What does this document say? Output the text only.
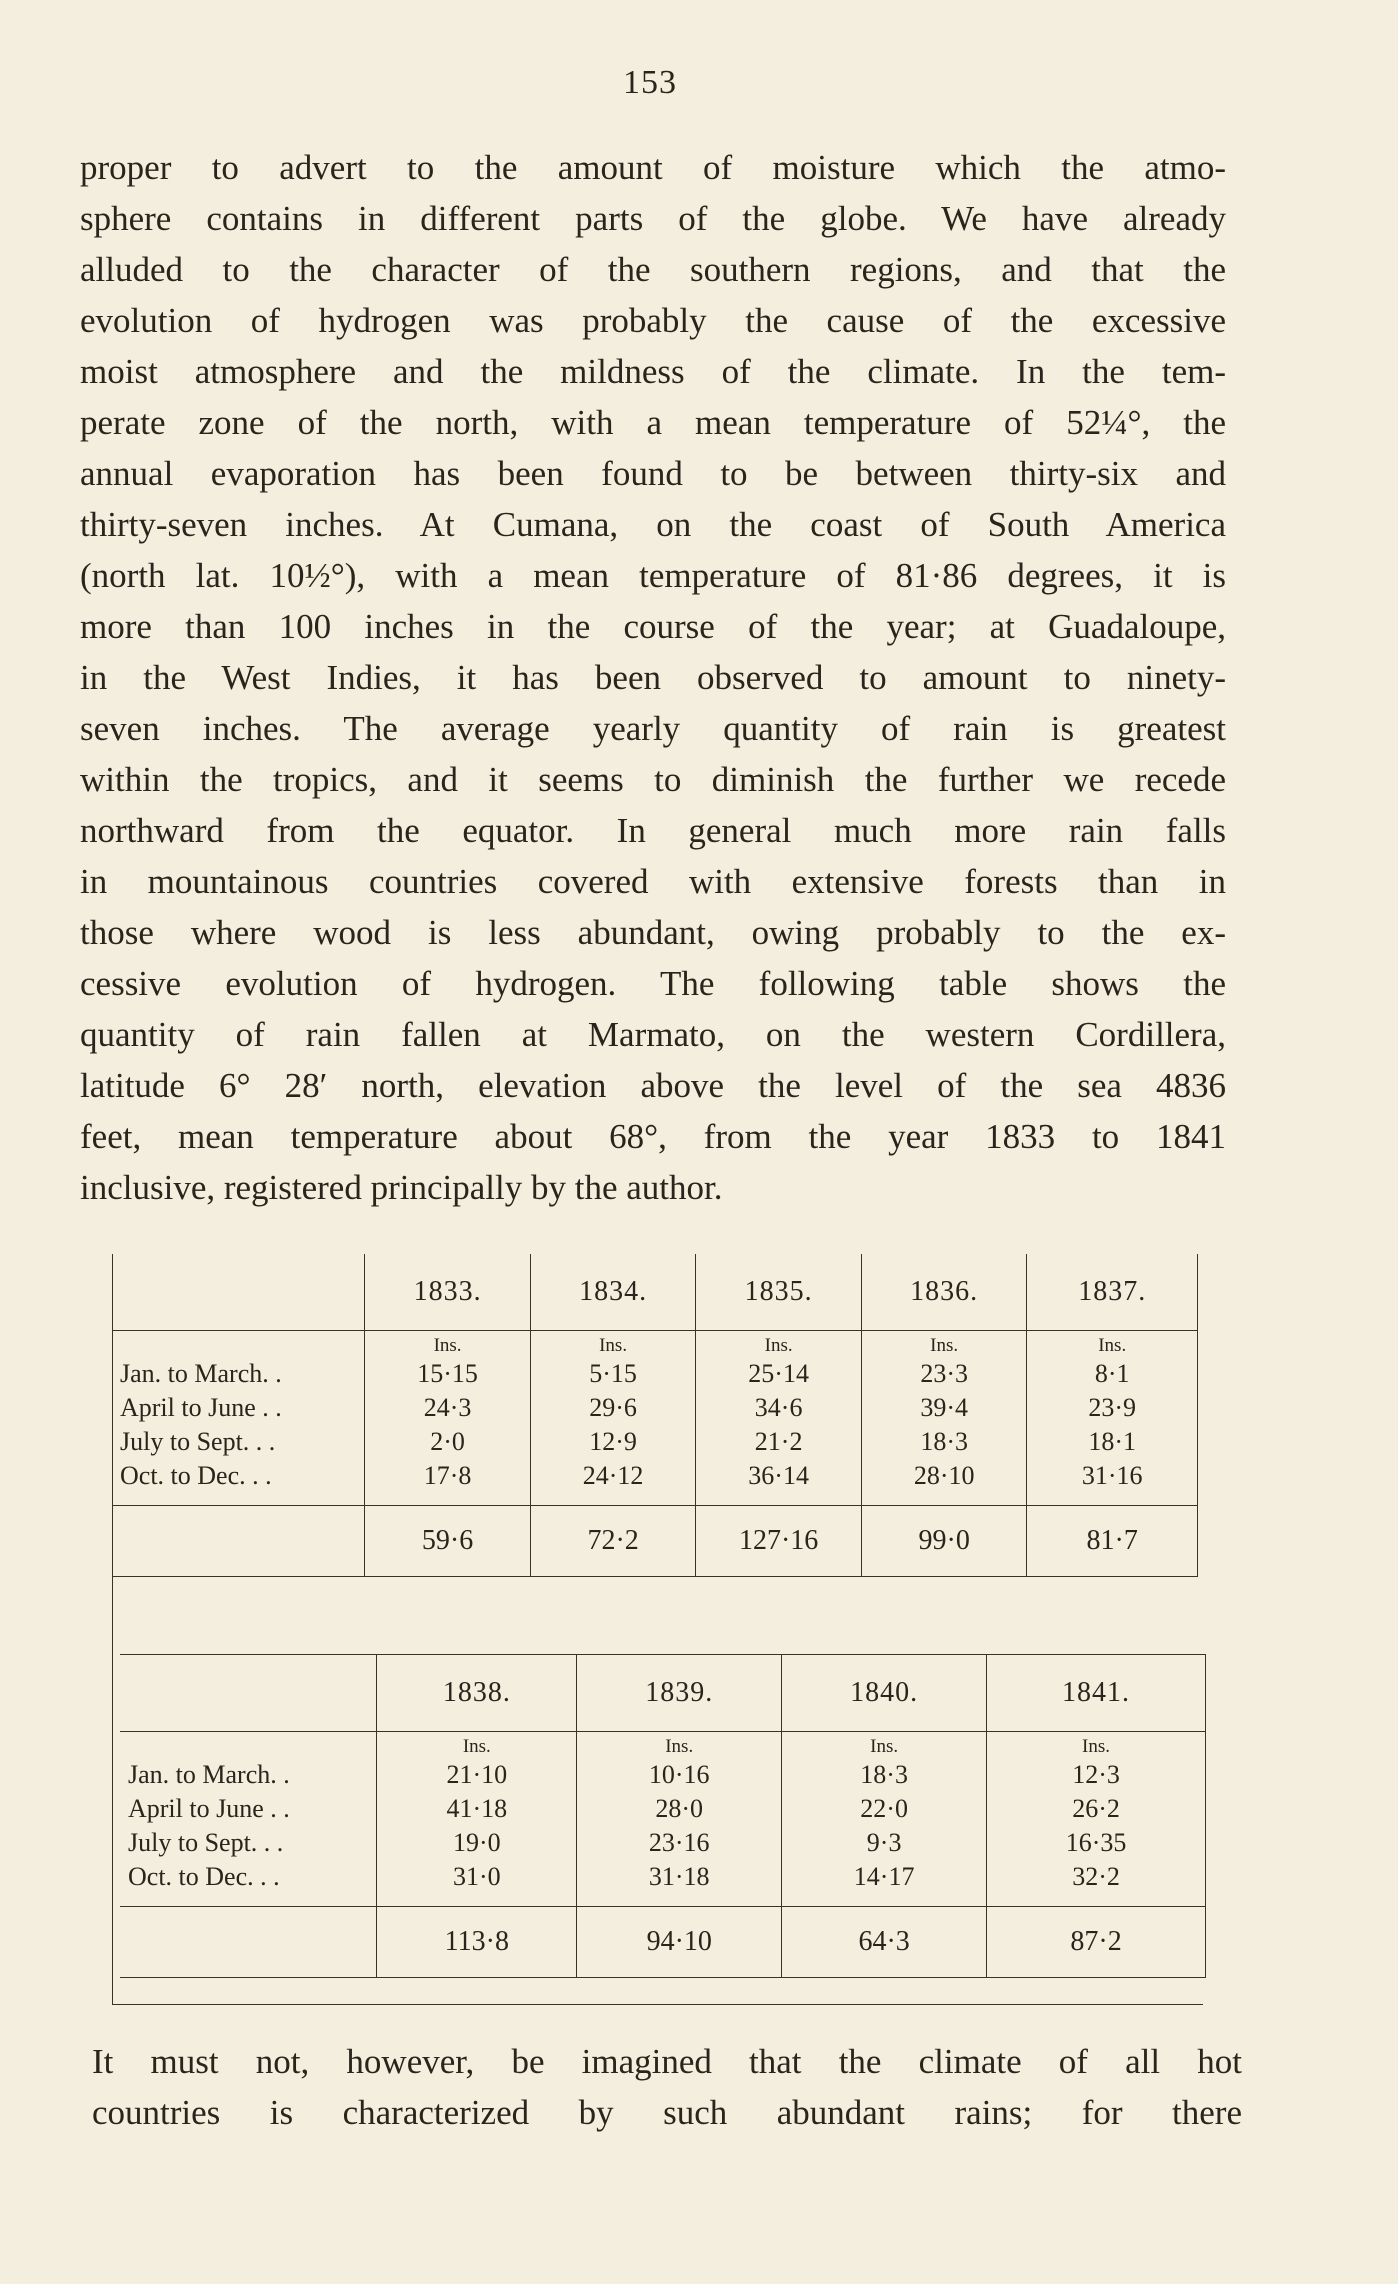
153
proper to advert to the amount of moisture which the atmo-
sphere contains in different parts of the globe. We have already
alluded to the character of the southern regions, and that the
evolution of hydrogen was probably the cause of the excessive
moist atmosphere and the mildness of the climate. In the tem-
perate zone of the north, with a mean temperature of 52¼°, the
annual evaporation has been found to be between thirty-six and
thirty-seven inches. At Cumana, on the coast of South America
(north lat. 10½°), with a mean temperature of 81·86 degrees, it is
more than 100 inches in the course of the year; at Guadaloupe,
in the West Indies, it has been observed to amount to ninety-
seven inches. The average yearly quantity of rain is greatest
within the tropics, and it seems to diminish the further we recede
northward from the equator. In general much more rain falls
in mountainous countries covered with extensive forests than in
those where wood is less abundant, owing probably to the ex-
cessive evolution of hydrogen. The following table shows the
quantity of rain fallen at Marmato, on the western Cordillera,
latitude 6° 28′ north, elevation above the level of the sea 4836
feet, mean temperature about 68°, from the year 1833 to 1841
inclusive, registered principally by the author.
	1833.	1834.	1835.	1836.	1837.
	Ins.	Ins.	Ins.	Ins.	Ins.
Jan. to March. .	15·15	5·15	25·14	23·3	8·1
April to June . .	24·3	29·6	34·6	39·4	23·9
July to Sept. . .	2·0	12·9	21·2	18·3	18·1
Oct. to Dec. . .	17·8	24·12	36·14	28·10	31·16

	59·6	72·2	127·16	99·0	81·7
	1838.	1839.	1840.	1841.
	Ins.	Ins.	Ins.	Ins.
Jan. to March. .	21·10	10·16	18·3	12·3
April to June . .	41·18	28·0	22·0	26·2
July to Sept. . .	19·0	23·16	9·3	16·35
Oct. to Dec. . .	31·0	31·18	14·17	32·2

	113·8	94·10	64·3	87·2
It must not, however, be imagined that the climate of all hot
countries is characterized by such abundant rains; for there
